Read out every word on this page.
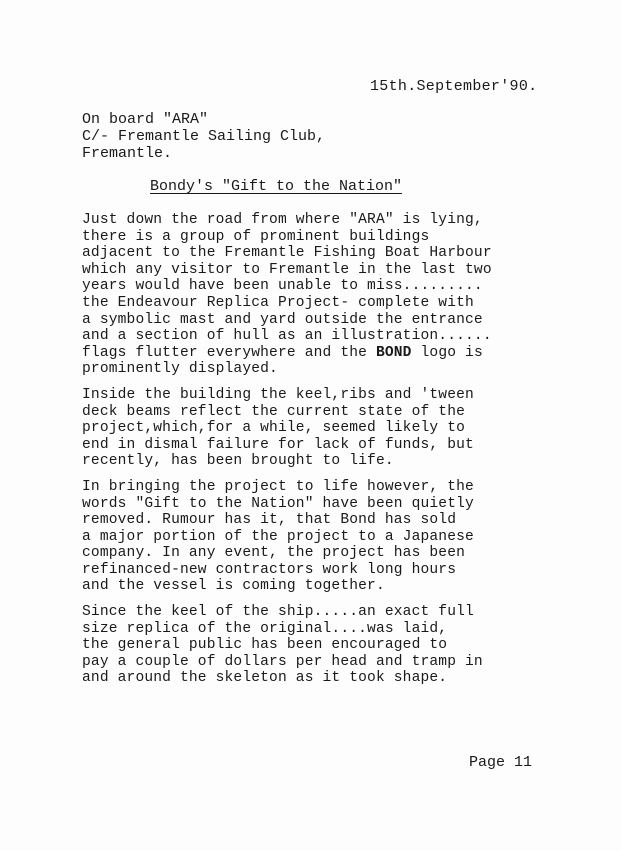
15th.September'90.
On board "ARA"
C/- Fremantle Sailing Club,
Fremantle.
Bondy's "Gift to the Nation"
Just down the road from where "ARA" is lying,
there is a group of prominent buildings
adjacent to the Fremantle Fishing Boat Harbour
which any visitor to Fremantle in the last two
years would have been unable to miss.........
the Endeavour Replica Project- complete with
a symbolic mast and yard outside the entrance
and a section of hull as an illustration......
flags flutter everywhere and the BOND logo is
prominently displayed.
Inside the building the keel,ribs and 'tween
deck beams reflect the current state of the
project,which,for a while, seemed likely to
end in dismal failure for lack of funds, but
recently, has been brought to life.
In bringing the project to life however, the
words "Gift to the Nation" have been quietly
removed. Rumour has it, that Bond has sold
a major portion of the project to a Japanese
company. In any event, the project has been
refinanced-new contractors work long hours
and the vessel is coming together.
Since the keel of the ship.....an exact full
size replica of the original....was laid,
the general public has been encouraged to
pay a couple of dollars per head and tramp in
and around the skeleton as it took shape.
Page 11
